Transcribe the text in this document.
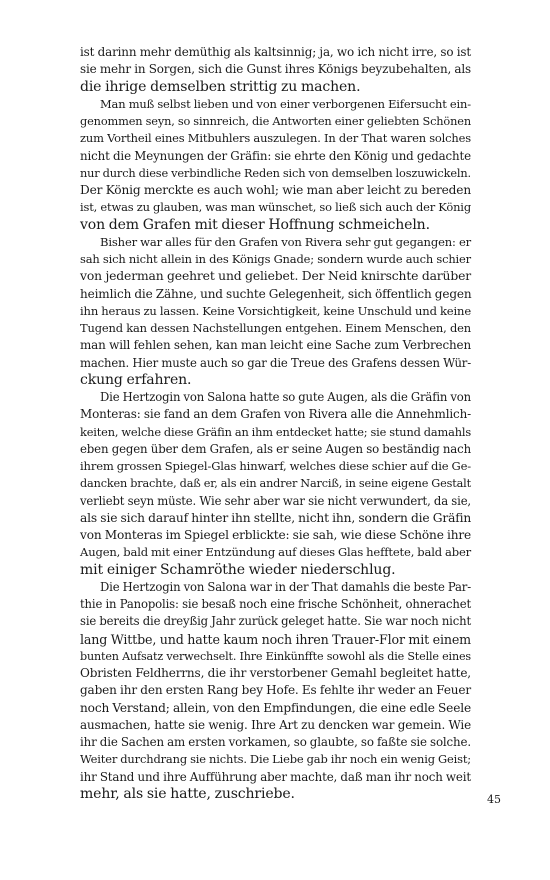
ist darinn mehr demüthig als kaltsinnig; ja, wo ich nicht irre, so ist
sie mehr in Sorgen, sich die Gunst ihres Königs beyzubehalten, als
die ihrige demselben strittig zu machen.
Man muß selbst lieben und von einer verborgenen Eifersucht ein-
genommen seyn, so sinnreich, die Antworten einer geliebten Schönen
zum Vortheil eines Mitbuhlers auszulegen. In der That waren solches
nicht die Meynungen der Gräfin: sie ehrte den König und gedachte
nur durch diese verbindliche Reden sich von demselben loszuwickeln.
Der König merckte es auch wohl; wie man aber leicht zu bereden
ist, etwas zu glauben, was man wünschet, so ließ sich auch der König
von dem Grafen mit dieser Hoffnung schmeicheln.
Bisher war alles für den Grafen von Rivera sehr gut gegangen: er
sah sich nicht allein in des Königs Gnade; sondern wurde auch schier
von jederman geehret und geliebet. Der Neid knirschte darüber
heimlich die Zähne, und suchte Gelegenheit, sich öffentlich gegen
ihn heraus zu lassen. Keine Vorsichtigkeit, keine Unschuld und keine
Tugend kan dessen Nachstellungen entgehen. Einem Menschen, den
man will fehlen sehen, kan man leicht eine Sache zum Verbrechen
machen. Hier muste auch so gar die Treue des Grafens dessen Wür-
ckung erfahren.
Die Hertzogin von Salona hatte so gute Augen, als die Gräfin von
Monteras: sie fand an dem Grafen von Rivera alle die Annehmlich-
keiten, welche diese Gräfin an ihm entdecket hatte; sie stund damahls
eben gegen über dem Grafen, als er seine Augen so beständig nach
ihrem grossen Spiegel-Glas hinwarf, welches diese schier auf die Ge-
dancken brachte, daß er, als ein andrer Narciß, in seine eigene Gestalt
verliebt seyn müste. Wie sehr aber war sie nicht verwundert, da sie,
als sie sich darauf hinter ihn stellte, nicht ihn, sondern die Gräfin
von Monteras im Spiegel erblickte: sie sah, wie diese Schöne ihre
Augen, bald mit einer Entzündung auf dieses Glas hefftete, bald aber
mit einiger Schamröthe wieder niederschlug.
Die Hertzogin von Salona war in der That damahls die beste Par-
thie in Panopolis: sie besaß noch eine frische Schönheit, ohnerachet
sie bereits die dreyßig Jahr zurück geleget hatte. Sie war noch nicht
lang Wittbe, und hatte kaum noch ihren Trauer-Flor mit einem
bunten Aufsatz verwechselt. Ihre Einkünffte sowohl als die Stelle eines
Obristen Feldherrns, die ihr verstorbener Gemahl begleitet hatte,
gaben ihr den ersten Rang bey Hofe. Es fehlte ihr weder an Feuer
noch Verstand; allein, von den Empfindungen, die eine edle Seele
ausmachen, hatte sie wenig. Ihre Art zu dencken war gemein. Wie
ihr die Sachen am ersten vorkamen, so glaubte, so faßte sie solche.
Weiter durchdrang sie nichts. Die Liebe gab ihr noch ein wenig Geist;
ihr Stand und ihre Aufführung aber machte, daß man ihr noch weit
mehr, als sie hatte, zuschriebe.	45
